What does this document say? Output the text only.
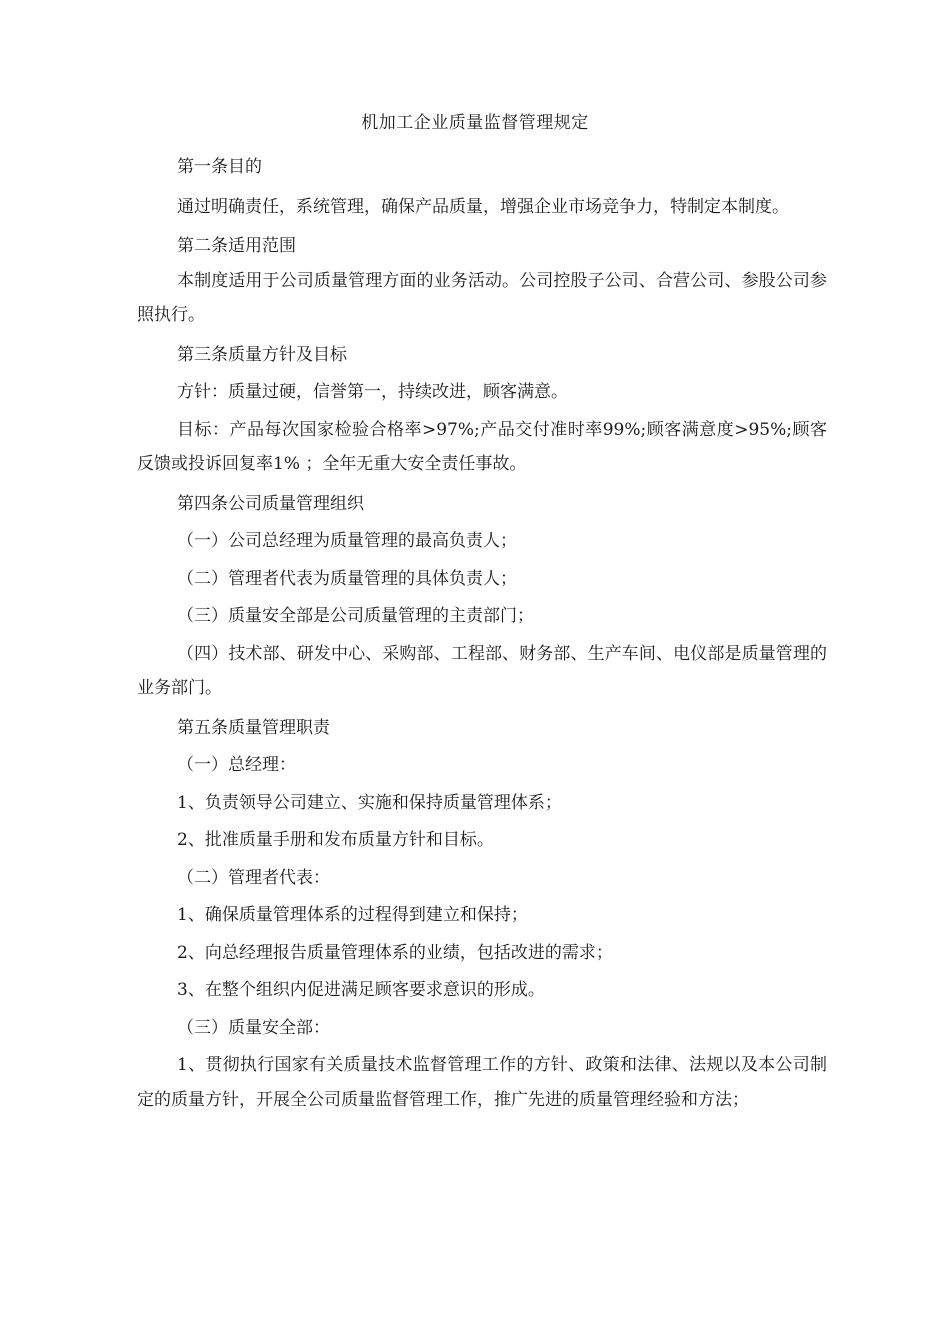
机加工企业质量监督管理规定

第一条目的

通过明确责任，系统管理，确保产品质量，增强企业市场竞争力，特制定本制度。

第二条适用范围

本制度适用于公司质量管理方面的业务活动。公司控股子公司、合营公司、参股公司参照执行。

第三条质量方针及目标

方针：质量过硬，信誉第一，持续改进，顾客满意。

目标：产品每次国家检验合格率>97%;产品交付准时率99%;顾客满意度>95%;顾客反馈或投诉回复率1% ；全年无重大安全责任事故。

第四条公司质量管理组织

（一）公司总经理为质量管理的最高负责人；

（二）管理者代表为质量管理的具体负责人；

（三）质量安全部是公司质量管理的主责部门；

（四）技术部、研发中心、采购部、工程部、财务部、生产车间、电仪部是质量管理的业务部门。

第五条质量管理职责

（一）总经理：

1、负责领导公司建立、实施和保持质量管理体系；

2、批准质量手册和发布质量方针和目标。

（二）管理者代表：

1、确保质量管理体系的过程得到建立和保持；

2、向总经理报告质量管理体系的业绩，包括改进的需求；

3、在整个组织内促进满足顾客要求意识的形成。

（三）质量安全部：

1、贯彻执行国家有关质量技术监督管理工作的方针、政策和法律、法规以及本公司制定的质量方针，开展全公司质量监督管理工作，推广先进的质量管理经验和方法；
